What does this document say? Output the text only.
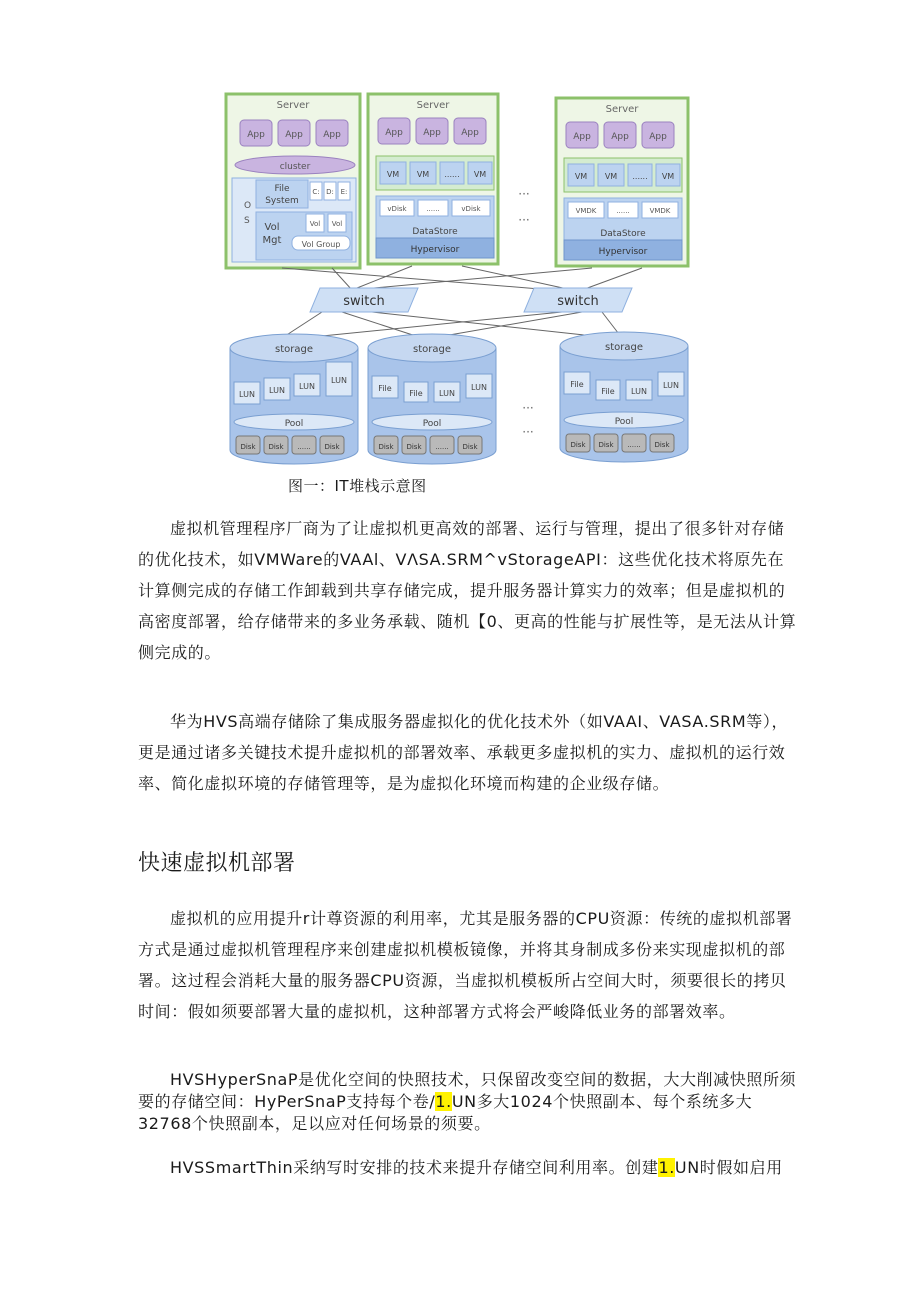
Server
App App App
cluster
O
S
File
System
C: D: E:
Vol
Mgt
Vol Vol
Vol Group
Server
App App App
VM VM ...... VM
vDisk	......	vDisk
DataStore
Hypervisor
···
···
Server
App App App
VM VM ...... VM
VMDK	......	VMDK
DataStore
Hypervisor
switch	switch
storage
LUN LUN LUN
LUN
Pool
Disk Disk ...... Disk
storage
File
File LUN
LUN
Pool
Disk Disk ...... Disk
···
···
storage
File
File LUN
LUN
Pool
Disk Disk ...... Disk
图一：IT堆栈示意图

虚拟机管理程序厂商为了让虚拟机更高效的部署、运行与管理，提出了很多针对存储的优化技术，如VMWare的VAAl、VΛSA.SRM^vStorageAPI：这些优化技术将原先在计算侧完成的存储工作卸载到共享存储完成，提升服务器计算实力的效率；但是虚拟机的高密度部署，给存储带来的多业务承载、随机【0、更高的性能与扩展性等，是无法从计算侧完成的。

华为HVS高端存储除了集成服务器虚拟化的优化技术外（如VAAI、VASA.SRM等），更是通过诸多关键技术提升虚拟机的部署效率、承载更多虚拟机的实力、虚拟机的运行效率、简化虚拟环境的存储管理等，是为虚拟化环境而构建的企业级存储。

快速虚拟机部署

虚拟机的应用提升r计尊资源的利用率，尤其是服务器的CPU资源：传统的虚拟机部署方式是通过虚拟机管理程序来创建虚拟机模板镜像，并将其身制成多份来实现虚拟机的部署。这过程会消耗大量的服务器CPU资源，当虚拟机模板所占空间大时，须要很长的拷贝时间：假如须要部署大量的虚拟机，这种部署方式将会严峻降低业务的部署效率。

HVSHyperSnaP是优化空间的快照技术，只保留改变空间的数据，大大削减快照所须要的存储空间：HyPerSnaP支持每个卷/1.UN多大1024个快照副本、每个系统多大32768个快照副本，足以应对任何场景的须要。

HVSSmartThin采纳写时安排的技术来提升存储空间利用率。创建1.UN时假如启用
